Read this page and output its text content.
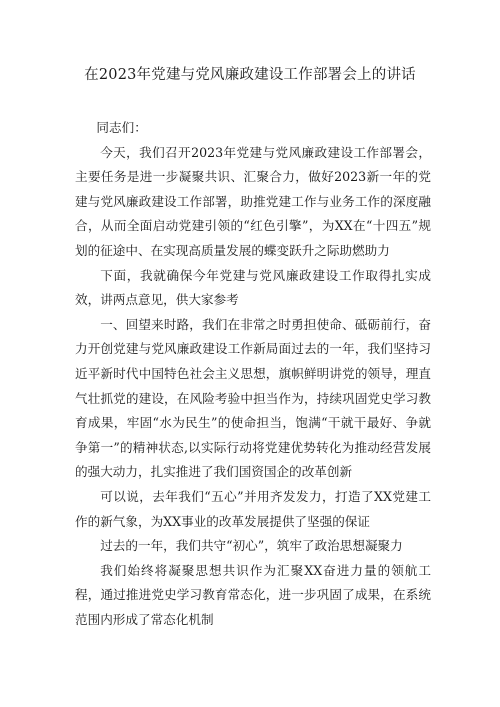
在2023年党建与党风廉政建设工作部署会上的讲话

同志们：

今天，我们召开2023年党建与党风廉政建设工作部署会，主要任务是进一步凝聚共识、汇聚合力，做好2023新一年的党建与党风廉政建设工作部署，助推党建工作与业务工作的深度融合，从而全面启动党建引领的“红色引擎”，为XX在“十四五”规划的征途中、在实现高质量发展的蝶变跃升之际助燃助力

下面，我就确保今年党建与党风廉政建设工作取得扎实成效，讲两点意见，供大家参考

一、回望来时路，我们在非常之时勇担使命、砥砺前行，奋力开创党建与党风廉政建设工作新局面过去的一年，我们坚持习近平新时代中国特色社会主义思想，旗帜鲜明讲党的领导，理直气壮抓党的建设，在风险考验中担当作为，持续巩固党史学习教育成果，牢固“水为民生”的使命担当，饱满“干就干最好、争就争第一”的精神状态,以实际行动将党建优势转化为推动经营发展的强大动力，扎实推进了我们国资国企的改革创新

可以说，去年我们“五心”并用齐发发力，打造了XX党建工作的新气象，为XX事业的改革发展提供了坚强的保证

过去的一年，我们共守“初心”，筑牢了政治思想凝聚力

我们始终将凝聚思想共识作为汇聚XX奋进力量的领航工程，通过推进党史学习教育常态化，进一步巩固了成果，在系统范围内形成了常态化机制
